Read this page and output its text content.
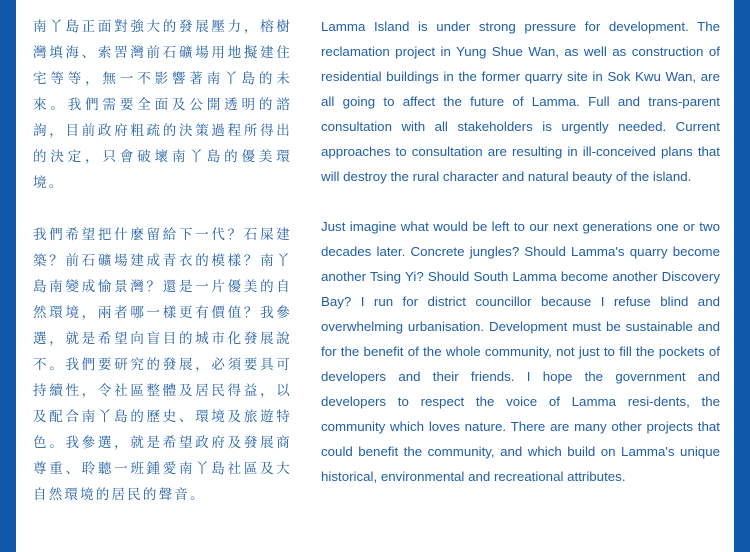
南丫島正面對強大的發展壓力，榕樹灣填海、索罟灣前石礦場用地擬建住宅等等，無一不影響著南丫島的未來。我們需要全面及公開透明的諮詢，目前政府粗疏的決策過程所得出的決定，只會破壞南丫島的優美環境。

我們希望把什麼留給下一代？石屎建築？前石礦場建成青衣的模樣？南丫島南變成愉景灣？還是一片優美的自然環境，兩者哪一樣更有價值？我參選，就是希望向盲目的城市化發展說不。我們要研究的發展，必須要具可持續性，令社區整體及居民得益，以及配合南丫島的歷史、環境及旅遊特色。我參選，就是希望政府及發展商尊重、聆聽一班鍾愛南丫島社區及大自然環境的居民的聲音。

Lamma Island is under strong pressure for development. The reclamation project in Yung Shue Wan, as well as construction of residential buildings in the former quarry site in Sok Kwu Wan, are all going to affect the future of Lamma. Full and trans-parent consultation with all stakeholders is urgently needed. Current approaches to consultation are resulting in ill-conceived plans that will destroy the rural character and natural beauty of the island.

Just imagine what would be left to our next generations one or two decades later. Concrete jungles? Should Lamma's quarry become another Tsing Yi? Should South Lamma become another Discovery Bay? I run for district councillor because I refuse blind and overwhelming urbanisation. Development must be sustainable and for the benefit of the whole community, not just to fill the pockets of developers and their friends. I hope the government and developers to respect the voice of Lamma resi-dents, the community which loves nature. There are many other projects that could benefit the community, and which build on Lamma's unique historical, environmental and recreational attributes.
